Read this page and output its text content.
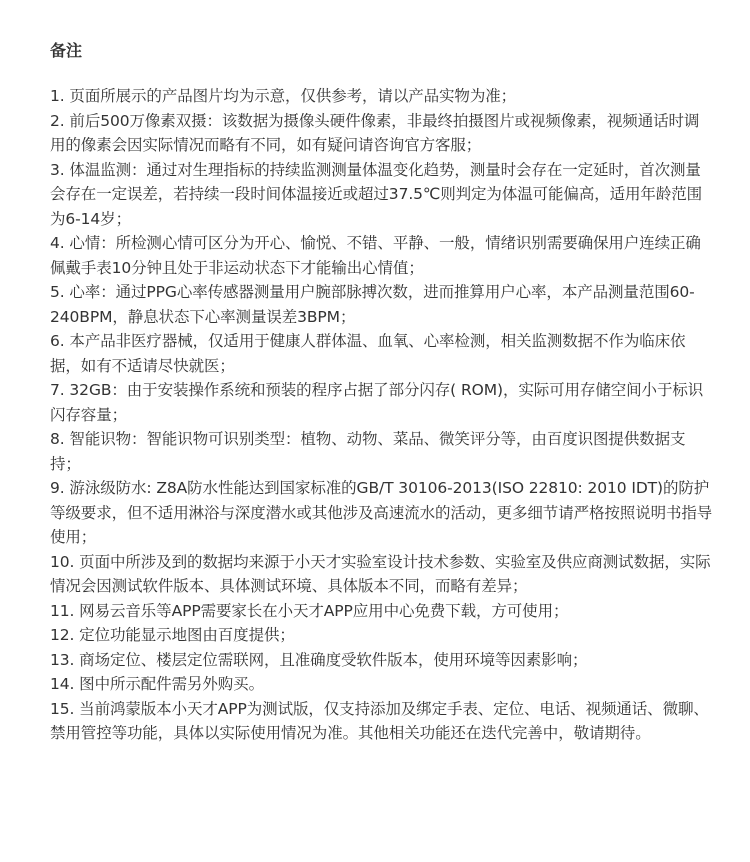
备注
1. 页面所展示的产品图片均为示意，仅供参考，请以产品实物为准；
2. 前后500万像素双摄：该数据为摄像头硬件像素，非最终拍摄图片或视频像素，视频通话时调用的像素会因实际情况而略有不同，如有疑问请咨询官方客服；
3. 体温监测：通过对生理指标的持续监测测量体温变化趋势，测量时会存在一定延时，首次测量会存在一定误差，若持续一段时间体温接近或超过37.5℃则判定为体温可能偏高，适用年龄范围为6-14岁；
4. 心情：所检测心情可区分为开心、愉悦、不错、平静、一般，情绪识别需要确保用户连续正确佩戴手表10分钟且处于非运动状态下才能输出心情值；
5. 心率：通过PPG心率传感器测量用户腕部脉搏次数，进而推算用户心率，本产品测量范围60-240BPM，静息状态下心率测量误差3BPM；
6. 本产品非医疗器械，仅适用于健康人群体温、血氧、心率检测，相关监测数据不作为临床依据，如有不适请尽快就医；
7. 32GB：由于安装操作系统和预装的程序占据了部分闪存( ROM)，实际可用存储空间小于标识闪存容量；
8. 智能识物：智能识物可识别类型：植物、动物、菜品、微笑评分等，由百度识图提供数据支持；
9. 游泳级防水: Z8A防水性能达到国家标准的GB/T 30106-2013(ISO 22810: 2010 IDT)的防护等级要求，但不适用淋浴与深度潜水或其他涉及高速流水的活动，更多细节请严格按照说明书指导使用；
10. 页面中所涉及到的数据均来源于小天才实验室设计技术参数、实验室及供应商测试数据，实际情况会因测试软件版本、具体测试环境、具体版本不同，而略有差异；
11. 网易云音乐等APP需要家长在小天才APP应用中心免费下载，方可使用；
12. 定位功能显示地图由百度提供；
13. 商场定位、楼层定位需联网，且准确度受软件版本，使用环境等因素影响；
14. 图中所示配件需另外购买。
15. 当前鸿蒙版本小天才APP为测试版，仅支持添加及绑定手表、定位、电话、视频通话、微聊、禁用管控等功能，具体以实际使用情况为准。其他相关功能还在迭代完善中，敬请期待。
